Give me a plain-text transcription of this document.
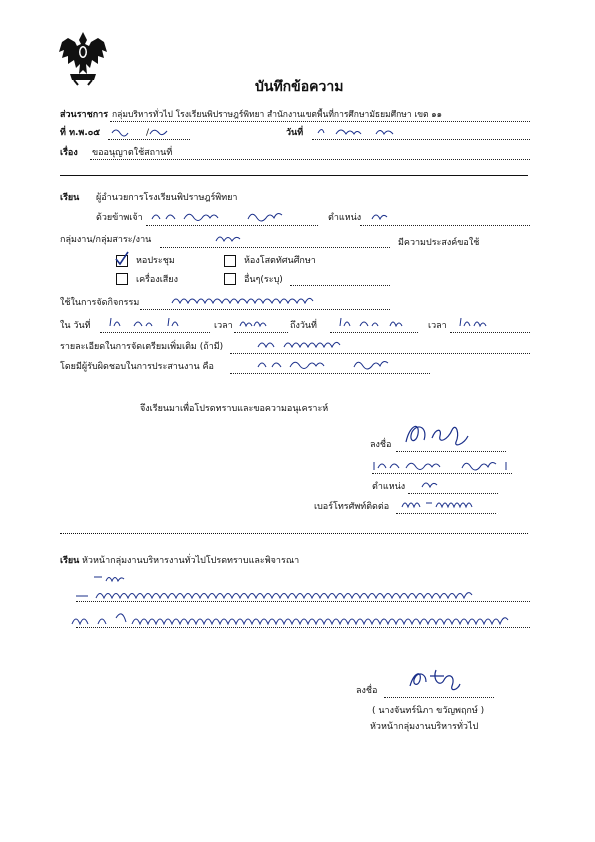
บันทึกข้อความ
ส่วนราชการ กลุ่มบริหารทั่วไป โรงเรียนพิปราษฎร์พิทยา สำนักงานเขตพื้นที่การศึกษามัธยมศึกษา เขต ๑๑
ที่ ท.พ.๐๕	/	วันที่
เรื่อง ขออนุญาตใช้สถานที่
เรียน ผู้อำนวยการโรงเรียนพิปราษฎร์พิทยา
ด้วยข้าพเจ้า	ตำแหน่ง
กลุ่มงาน/กลุ่มสาระ/งาน	มีความประสงค์ขอใช้
หอประชุม	ห้องโสตทัศนศึกษา
เครื่องเสียง	อื่นๆ(ระบุ)
ใช้ในการจัดกิจกรรม
ใน วันที่	เวลา	ถึงวันที่	เวลา
รายละเอียดในการจัดเตรียมเพิ่มเติม (ถ้ามี)
โดยมีผู้รับผิดชอบในการประสานงาน คือ
จึงเรียนมาเพื่อโปรดทราบและขอความอนุเคราะห์
ลงชื่อ
ตำแหน่ง
เบอร์โทรศัพท์ติดต่อ
เรียน หัวหน้ากลุ่มงานบริหารงานทั่วไปโปรดทราบและพิจารณา
ลงชื่อ
( นางจันทร์นิภา ขวัญพฤกษ์ )
หัวหน้ากลุ่มงานบริหารทั่วไป
